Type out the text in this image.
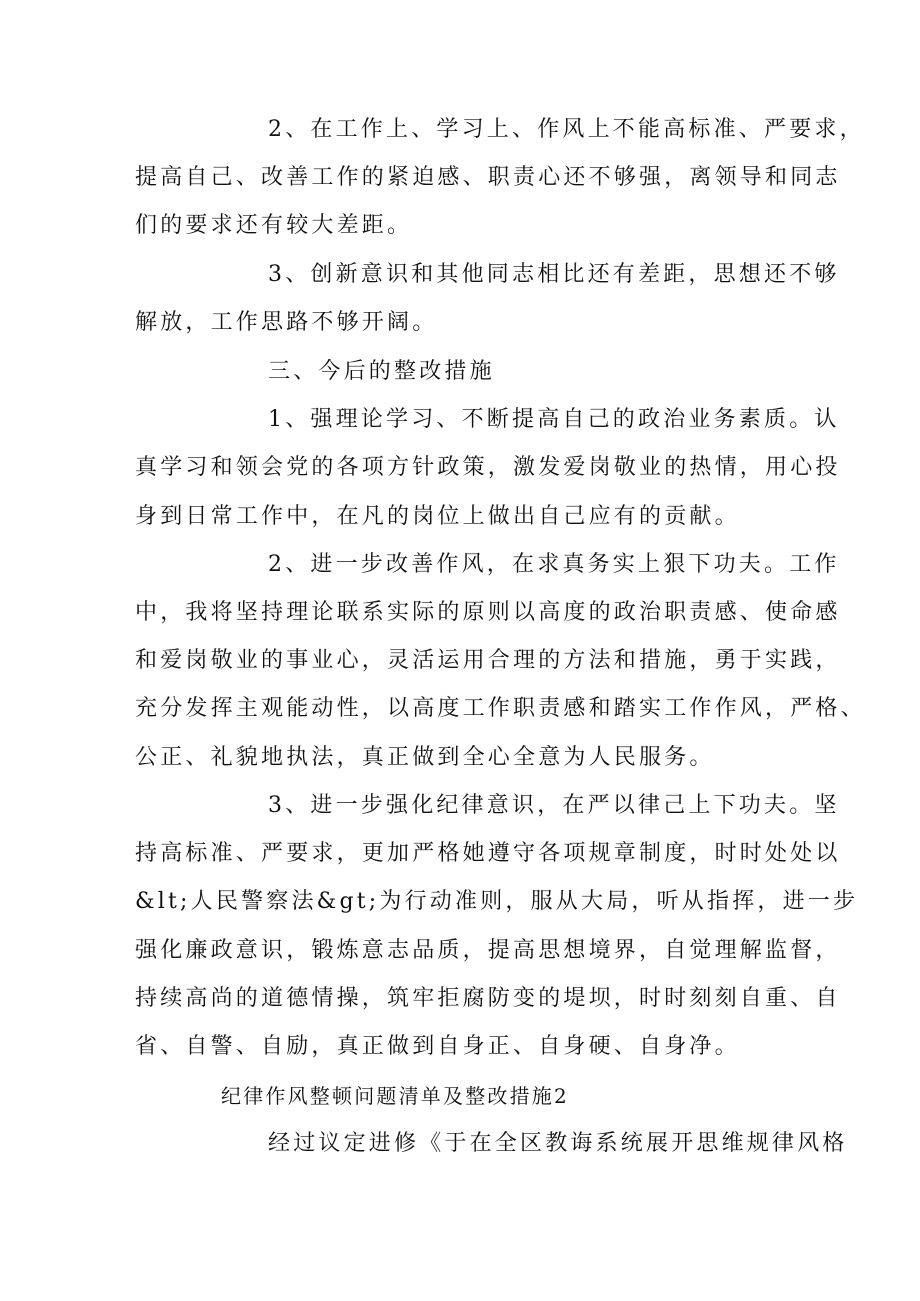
2、在工作上、学习上、作风上不能高标准、严要求，
提高自己、改善工作的紧迫感、职责心还不够强，离领导和同志
们的要求还有较大差距。
3、创新意识和其他同志相比还有差距，思想还不够
解放，工作思路不够开阔。
三、今后的整改措施
1、强理论学习、不断提高自己的政治业务素质。认
真学习和领会党的各项方针政策，激发爱岗敬业的热情，用心投
身到日常工作中，在凡的岗位上做出自己应有的贡献。
2、进一步改善作风，在求真务实上狠下功夫。工作
中，我将坚持理论联系实际的原则以高度的政治职责感、使命感
和爱岗敬业的事业心，灵活运用合理的方法和措施，勇于实践，
充分发挥主观能动性，以高度工作职责感和踏实工作作风，严格、
公正、礼貌地执法，真正做到全心全意为人民服务。
3、进一步强化纪律意识，在严以律己上下功夫。坚
持高标准、严要求，更加严格她遵守各项规章制度，时时处处以
&lt;人民警察法&gt;为行动准则，服从大局，听从指挥，进一步
强化廉政意识，锻炼意志品质，提高思想境界，自觉理解监督，
持续高尚的道德情操，筑牢拒腐防变的堤坝，时时刻刻自重、自
省、自警、自励，真正做到自身正、自身硬、自身净。
纪律作风整顿问题清单及整改措施2
经过议定进修《于在全区教诲系统展开思维规律风格
